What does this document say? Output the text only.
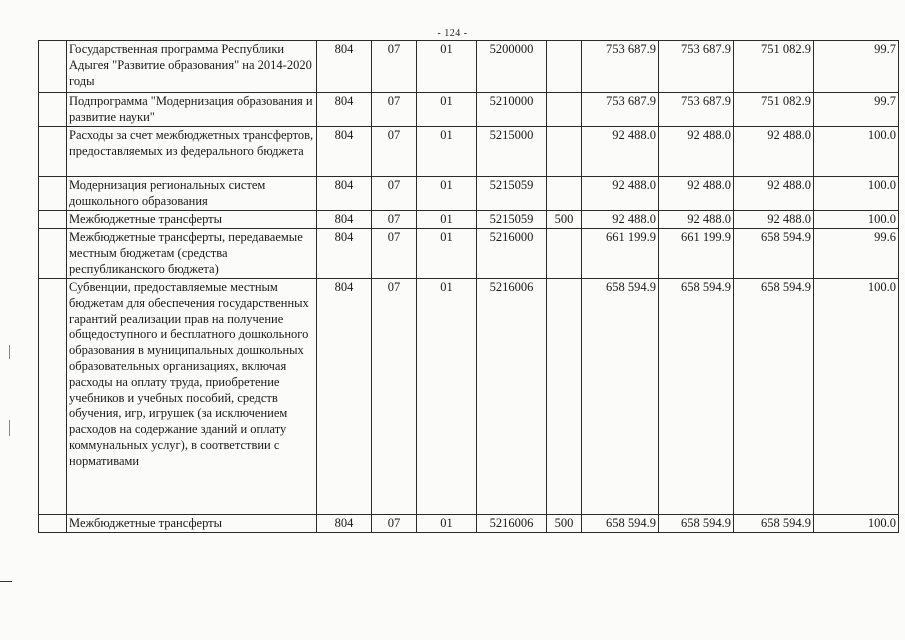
- 124 -
	Государственная программа Республики Адыгея "Развитие образования" на 2014-2020 годы	804	07	01	5200000		753 687.9	753 687.9	751 082.9	99.7
	Подпрограмма "Модернизация образования и развитие науки"	804	07	01	5210000		753 687.9	753 687.9	751 082.9	99.7
	Расходы за счет межбюджетных трансфертов, предоставляемых из федерального бюджета	804	07	01	5215000		92 488.0	92 488.0	92 488.0	100.0
	Модернизация региональных систем дошкольного образования	804	07	01	5215059		92 488.0	92 488.0	92 488.0	100.0
	Межбюджетные трансферты	804	07	01	5215059	500	92 488.0	92 488.0	92 488.0	100.0
	Межбюджетные трансферты, передаваемые местным бюджетам (средства республиканского бюджета)	804	07	01	5216000		661 199.9	661 199.9	658 594.9	99.6
	Субвенции, предоставляемые местным бюджетам для обеспечения государственных гарантий реализации прав на получение общедоступного и бесплатного дошкольного образования в муниципальных дошкольных образовательных организациях, включая расходы на оплату труда, приобретение учебников и учебных пособий, средств обучения, игр, игрушек (за исключением расходов на содержание зданий и оплату коммунальных услуг), в соответствии с нормативами	804	07	01	5216006		658 594.9	658 594.9	658 594.9	100.0
	Межбюджетные трансферты	804	07	01	5216006	500	658 594.9	658 594.9	658 594.9	100.0
